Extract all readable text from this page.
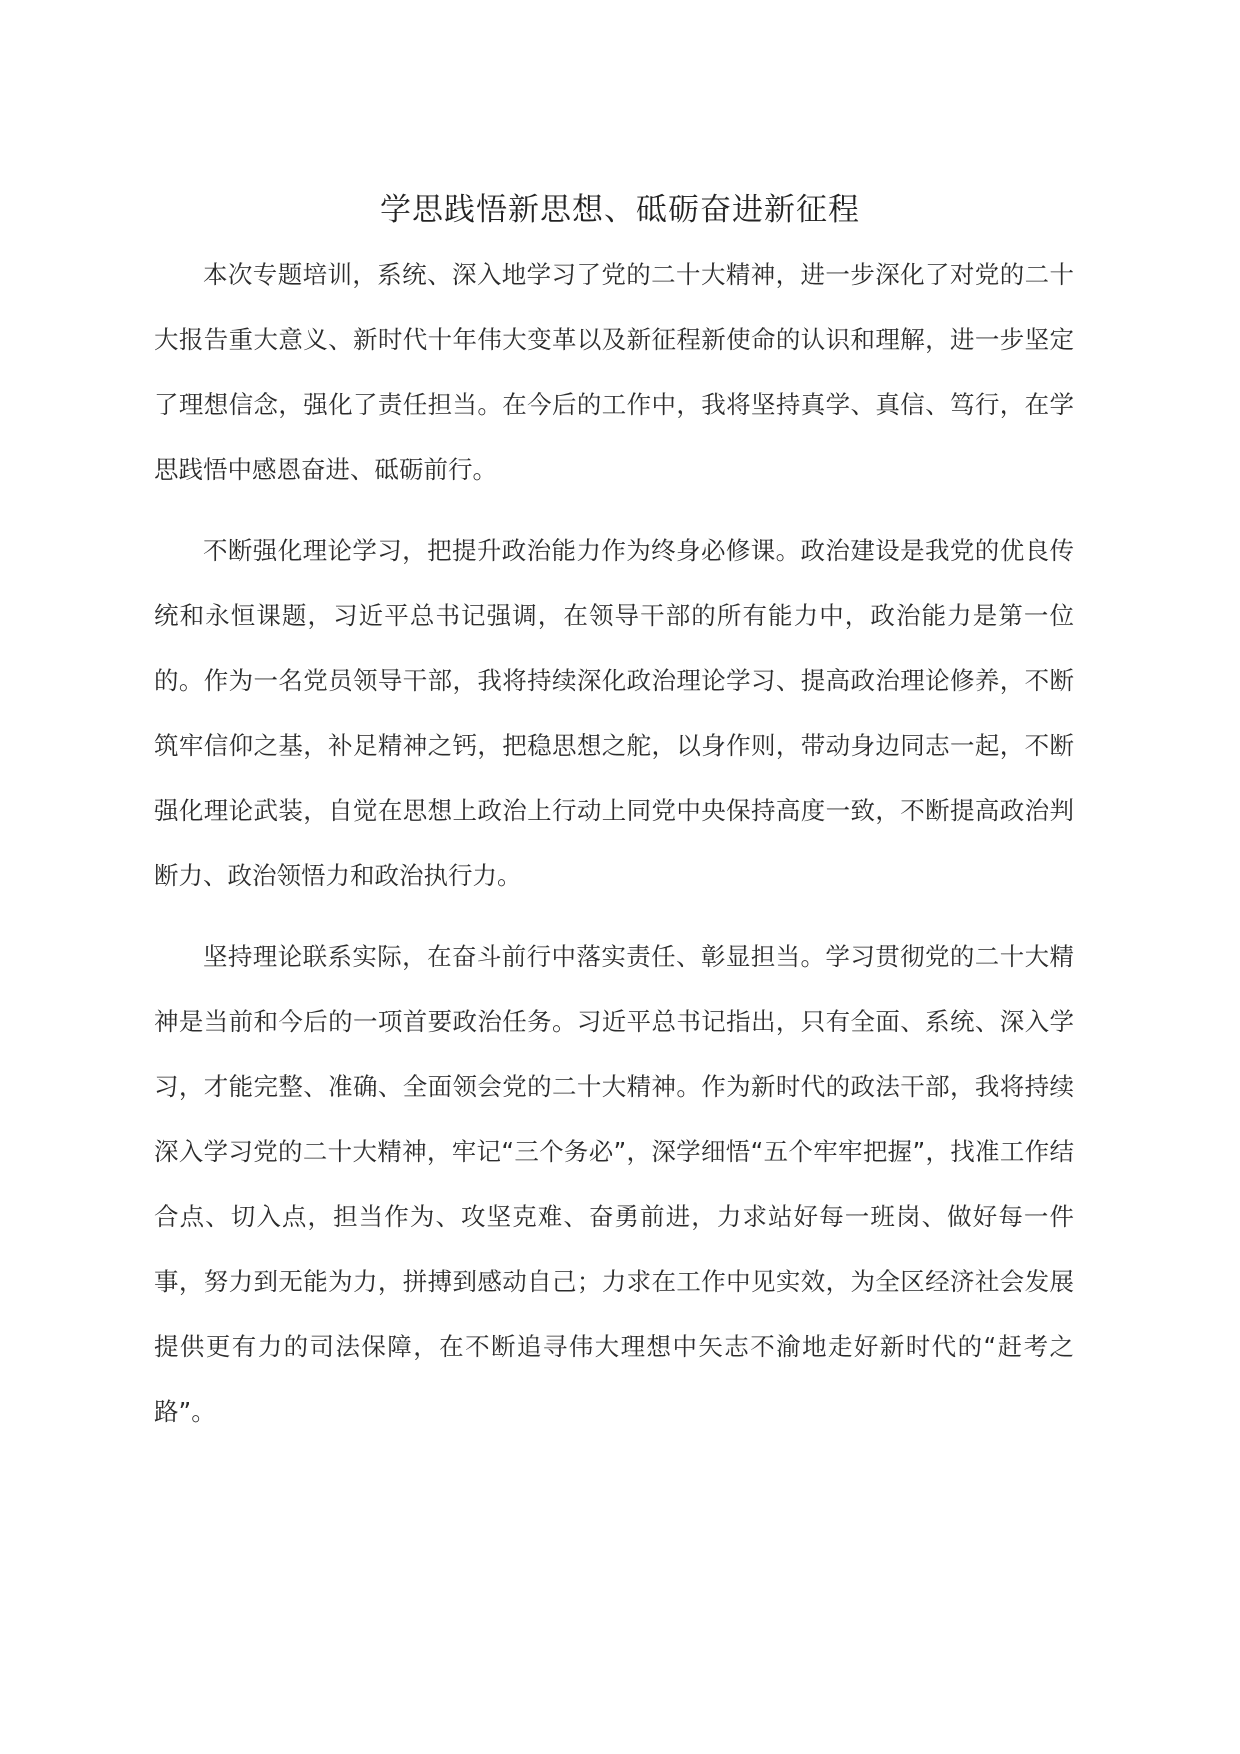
学思践悟新思想、砥砺奋进新征程

本次专题培训，系统、深入地学习了党的二十大精神，进一步深化了对党的二十大报告重大意义、新时代十年伟大变革以及新征程新使命的认识和理解，进一步坚定了理想信念，强化了责任担当。在今后的工作中，我将坚持真学、真信、笃行，在学思践悟中感恩奋进、砥砺前行。

不断强化理论学习，把提升政治能力作为终身必修课。政治建设是我党的优良传统和永恒课题，习近平总书记强调，在领导干部的所有能力中，政治能力是第一位的。作为一名党员领导干部，我将持续深化政治理论学习、提高政治理论修养，不断筑牢信仰之基，补足精神之钙，把稳思想之舵，以身作则，带动身边同志一起，不断强化理论武装，自觉在思想上政治上行动上同党中央保持高度一致，不断提高政治判断力、政治领悟力和政治执行力。

坚持理论联系实际，在奋斗前行中落实责任、彰显担当。学习贯彻党的二十大精神是当前和今后的一项首要政治任务。习近平总书记指出，只有全面、系统、深入学习，才能完整、准确、全面领会党的二十大精神。作为新时代的政法干部，我将持续深入学习党的二十大精神，牢记“三个务必”，深学细悟“五个牢牢把握”，找准工作结合点、切入点，担当作为、攻坚克难、奋勇前进，力求站好每一班岗、做好每一件事，努力到无能为力，拼搏到感动自己；力求在工作中见实效，为全区经济社会发展提供更有力的司法保障，在不断追寻伟大理想中矢志不渝地走好新时代的“赶考之路”。
